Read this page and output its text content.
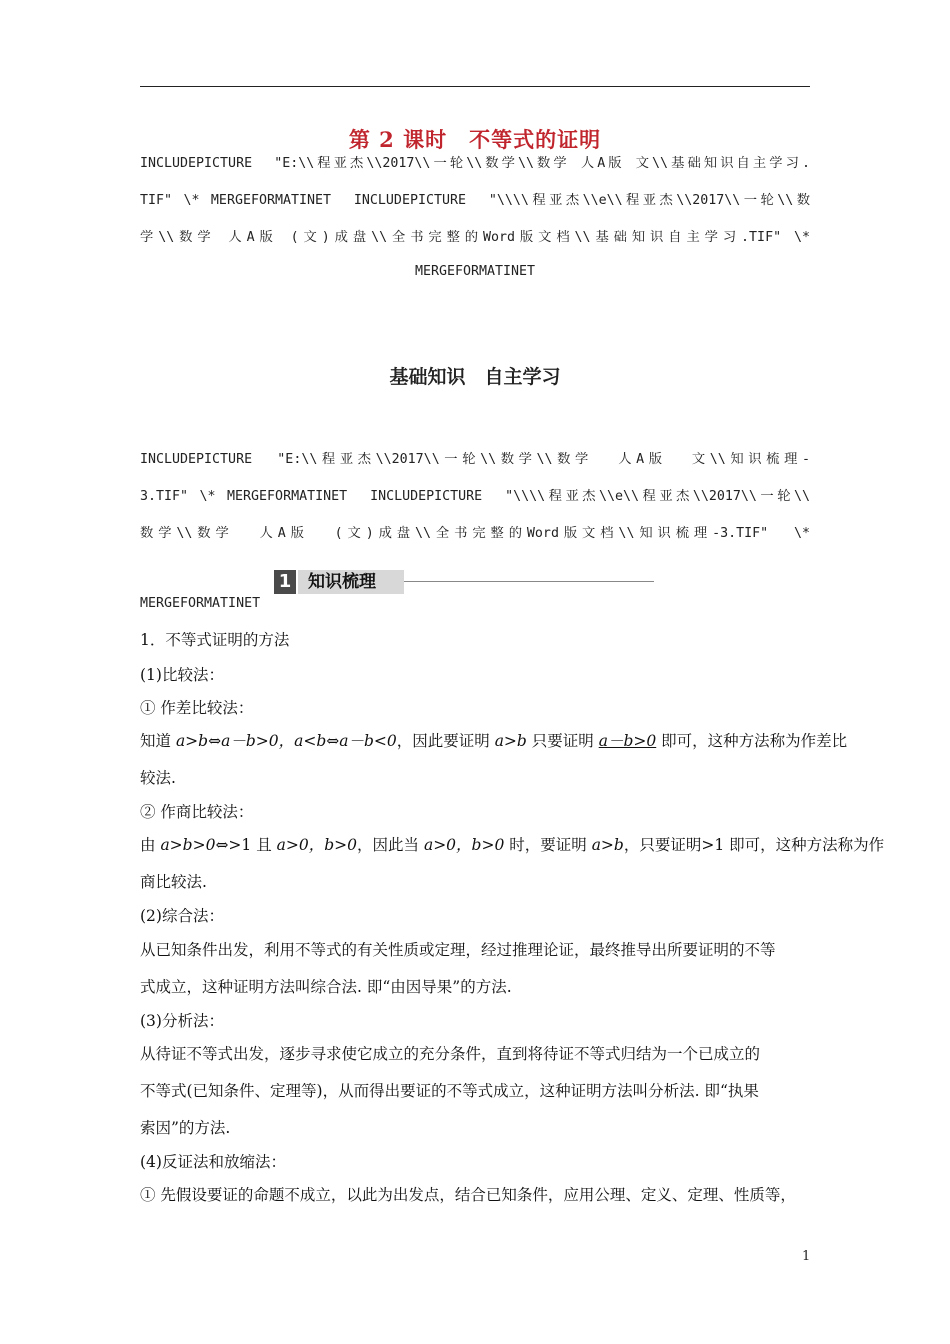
第 2 课时　不等式的证明
INCLUDEPICTURE  "E:\\程亚杰\\2017\\一轮\\数学\\数学 人A版 文\\基础知识自主学习.
TIF" \* MERGEFORMATINET  INCLUDEPICTURE  "\\\\程亚杰\\e\\程亚杰\\2017\\一轮\\数
学\\数学 人A版 (文)成盘\\全书完整的Word版文档\\基础知识自主学习.TIF" \*
MERGEFORMATINET
基础知识　自主学习
INCLUDEPICTURE  "E:\\程亚杰\\2017\\一轮\\数学\\数学  人A版  文\\知识梳理-
3.TIF" \* MERGEFORMATINET  INCLUDEPICTURE  "\\\\程亚杰\\e\\程亚杰\\2017\\一轮\\
数学\\数学  人A版  (文)成盘\\全书完整的Word版文档\\知识梳理-3.TIF"  \*
1 知识梳理
MERGEFORMATINET
1．不等式证明的方法
(1)比较法：
① 作差比较法：
知道 a>b⇔a－b>0，a<b⇔a－b<0，因此要证明 a>b 只要证明 a－b>0 即可，这种方法称为作差比
较法.
② 作商比较法：
由 a>b>0⇔>1 且 a>0，b>0，因此当 a>0，b>0 时，要证明 a>b，只要证明>1 即可，这种方法称为作
商比较法.
(2)综合法：
从已知条件出发，利用不等式的有关性质或定理，经过推理论证，最终推导出所要证明的不等
式成立，这种证明方法叫综合法. 即“由因导果”的方法.
(3)分析法：
从待证不等式出发，逐步寻求使它成立的充分条件，直到将待证不等式归结为一个已成立的
不等式(已知条件、定理等)，从而得出要证的不等式成立，这种证明方法叫分析法. 即“执果
索因”的方法.
(4)反证法和放缩法：
① 先假设要证的命题不成立，以此为出发点，结合已知条件，应用公理、定义、定理、性质等，
1
